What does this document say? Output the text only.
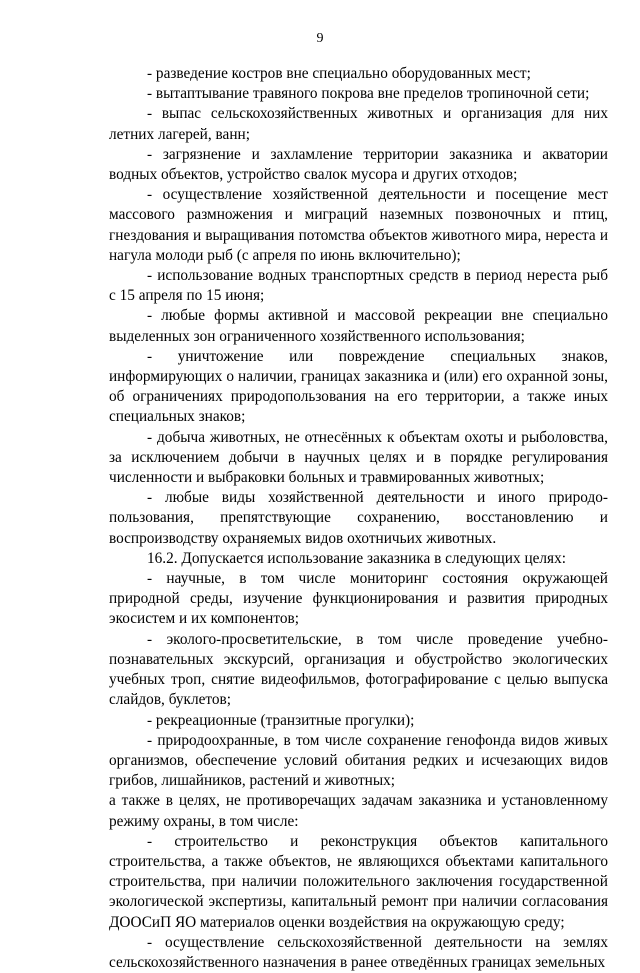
9

- разведение костров вне специально оборудованных мест;

- вытаптывание травяного покрова вне пределов тропиночной сети;

- выпас сельскохозяйственных животных и организация для них летних лагерей, ванн;

- загрязнение и захламление территории заказника и акватории водных объектов, устройство свалок мусора и других отходов;

- осуществление хозяйственной деятельности и посещение мест массового размножения и миграций наземных позвоночных и птиц, гнездования и выращивания потомства объектов животного мира, нереста и нагула молоди рыб (с апреля по июнь включительно);

- использование водных транспортных средств в период нереста рыб с 15 апреля по 15 июня;

- любые формы активной и массовой рекреации вне специально выделенных зон ограниченного хозяйственного использования;

- уничтожение или повреждение специальных знаков, информирующих о наличии, границах заказника и (или) его охранной зоны, об ограничениях природопользования на его территории, а также иных специальных знаков;

- добыча животных, не отнесённых к объектам охоты и рыболовства, за исключением добычи в научных целях и в порядке регулирования численности и выбраковки больных и травмированных животных;

- любые виды хозяйственной деятельности и иного природо-пользования, препятствующие сохранению, восстановлению и воспроизводству охраняемых видов охотничьих животных.

16.2. Допускается использование заказника в следующих целях:

- научные, в том числе мониторинг состояния окружающей природной среды, изучение функционирования и развития природных экосистем и их компонентов;

- эколого-просветительские, в том числе проведение учебно-познавательных экскурсий, организация и обустройство экологических учебных троп, снятие видеофильмов, фотографирование с целью выпуска слайдов, буклетов;

- рекреационные (транзитные прогулки);

- природоохранные, в том числе сохранение генофонда видов живых организмов, обеспечение условий обитания редких и исчезающих видов грибов, лишайников, растений и животных;

а также в целях, не противоречащих задачам заказника и установленному режиму охраны, в том числе:

- строительство и реконструкция объектов капитального строительства, а также объектов, не являющихся объектами капитального строительства, при наличии положительного заключения государственной экологической экспертизы, капитальный ремонт при наличии согласования ДООСиП ЯО материалов оценки воздействия на окружающую среду;

- осуществление сельскохозяйственной деятельности на землях сельскохозяйственного назначения в ранее отведённых границах земельных
